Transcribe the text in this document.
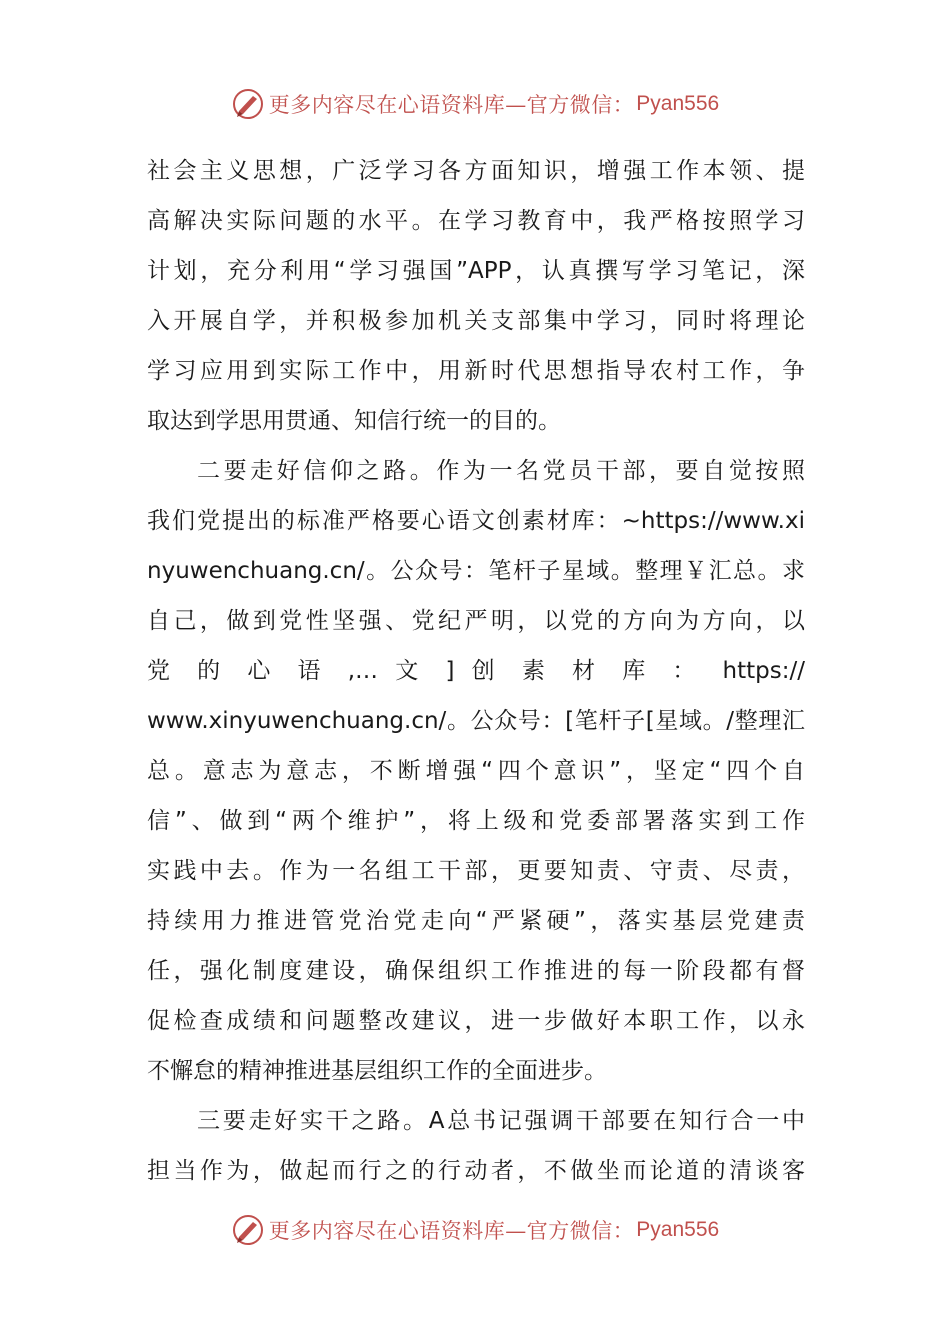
更多内容尽在心语资料库—官方微信： Pyan556
社会主义思想，广泛学习各方面知识，增强工作本领、提
高解决实际问题的水平。在学习教育中，我严格按照学习
计划，充分利用“学习强国”APP，认真撰写学习笔记，深
入开展自学，并积极参加机关支部集中学习，同时将理论
学习应用到实际工作中，用新时代思想指导农村工作，争
取达到学思用贯通、知信行统一的目的。
二要走好信仰之路。作为一名党员干部，要自觉按照
我们党提出的标准严格要心语文创素材库：~https://www.xi
nyuwenchuang.cn/。公众号：笔杆子星域。整理￥汇总。求
自己，做到党性坚强、党纪严明，以党的方向为方向，以
党 的 心 语 ,… 文 ] 创 素 材 库 ： https://
www.xinyuwenchuang.cn/。公众号：[笔杆子[星域。/整理汇
总。意志为意志，不断增强“四个意识”，坚定“四个自
信”、做到“两个维护”，将上级和党委部署落实到工作
实践中去。作为一名组工干部，更要知责、守责、尽责，
持续用力推进管党治党走向“严紧硬”，落实基层党建责
任，强化制度建设，确保组织工作推进的每一阶段都有督
促检查成绩和问题整改建议，进一步做好本职工作，以永
不懈怠的精神推进基层组织工作的全面进步。
三要走好实干之路。A总书记强调干部要在知行合一中
担当作为，做起而行之的行动者，不做坐而论道的清谈客
更多内容尽在心语资料库—官方微信： Pyan556
